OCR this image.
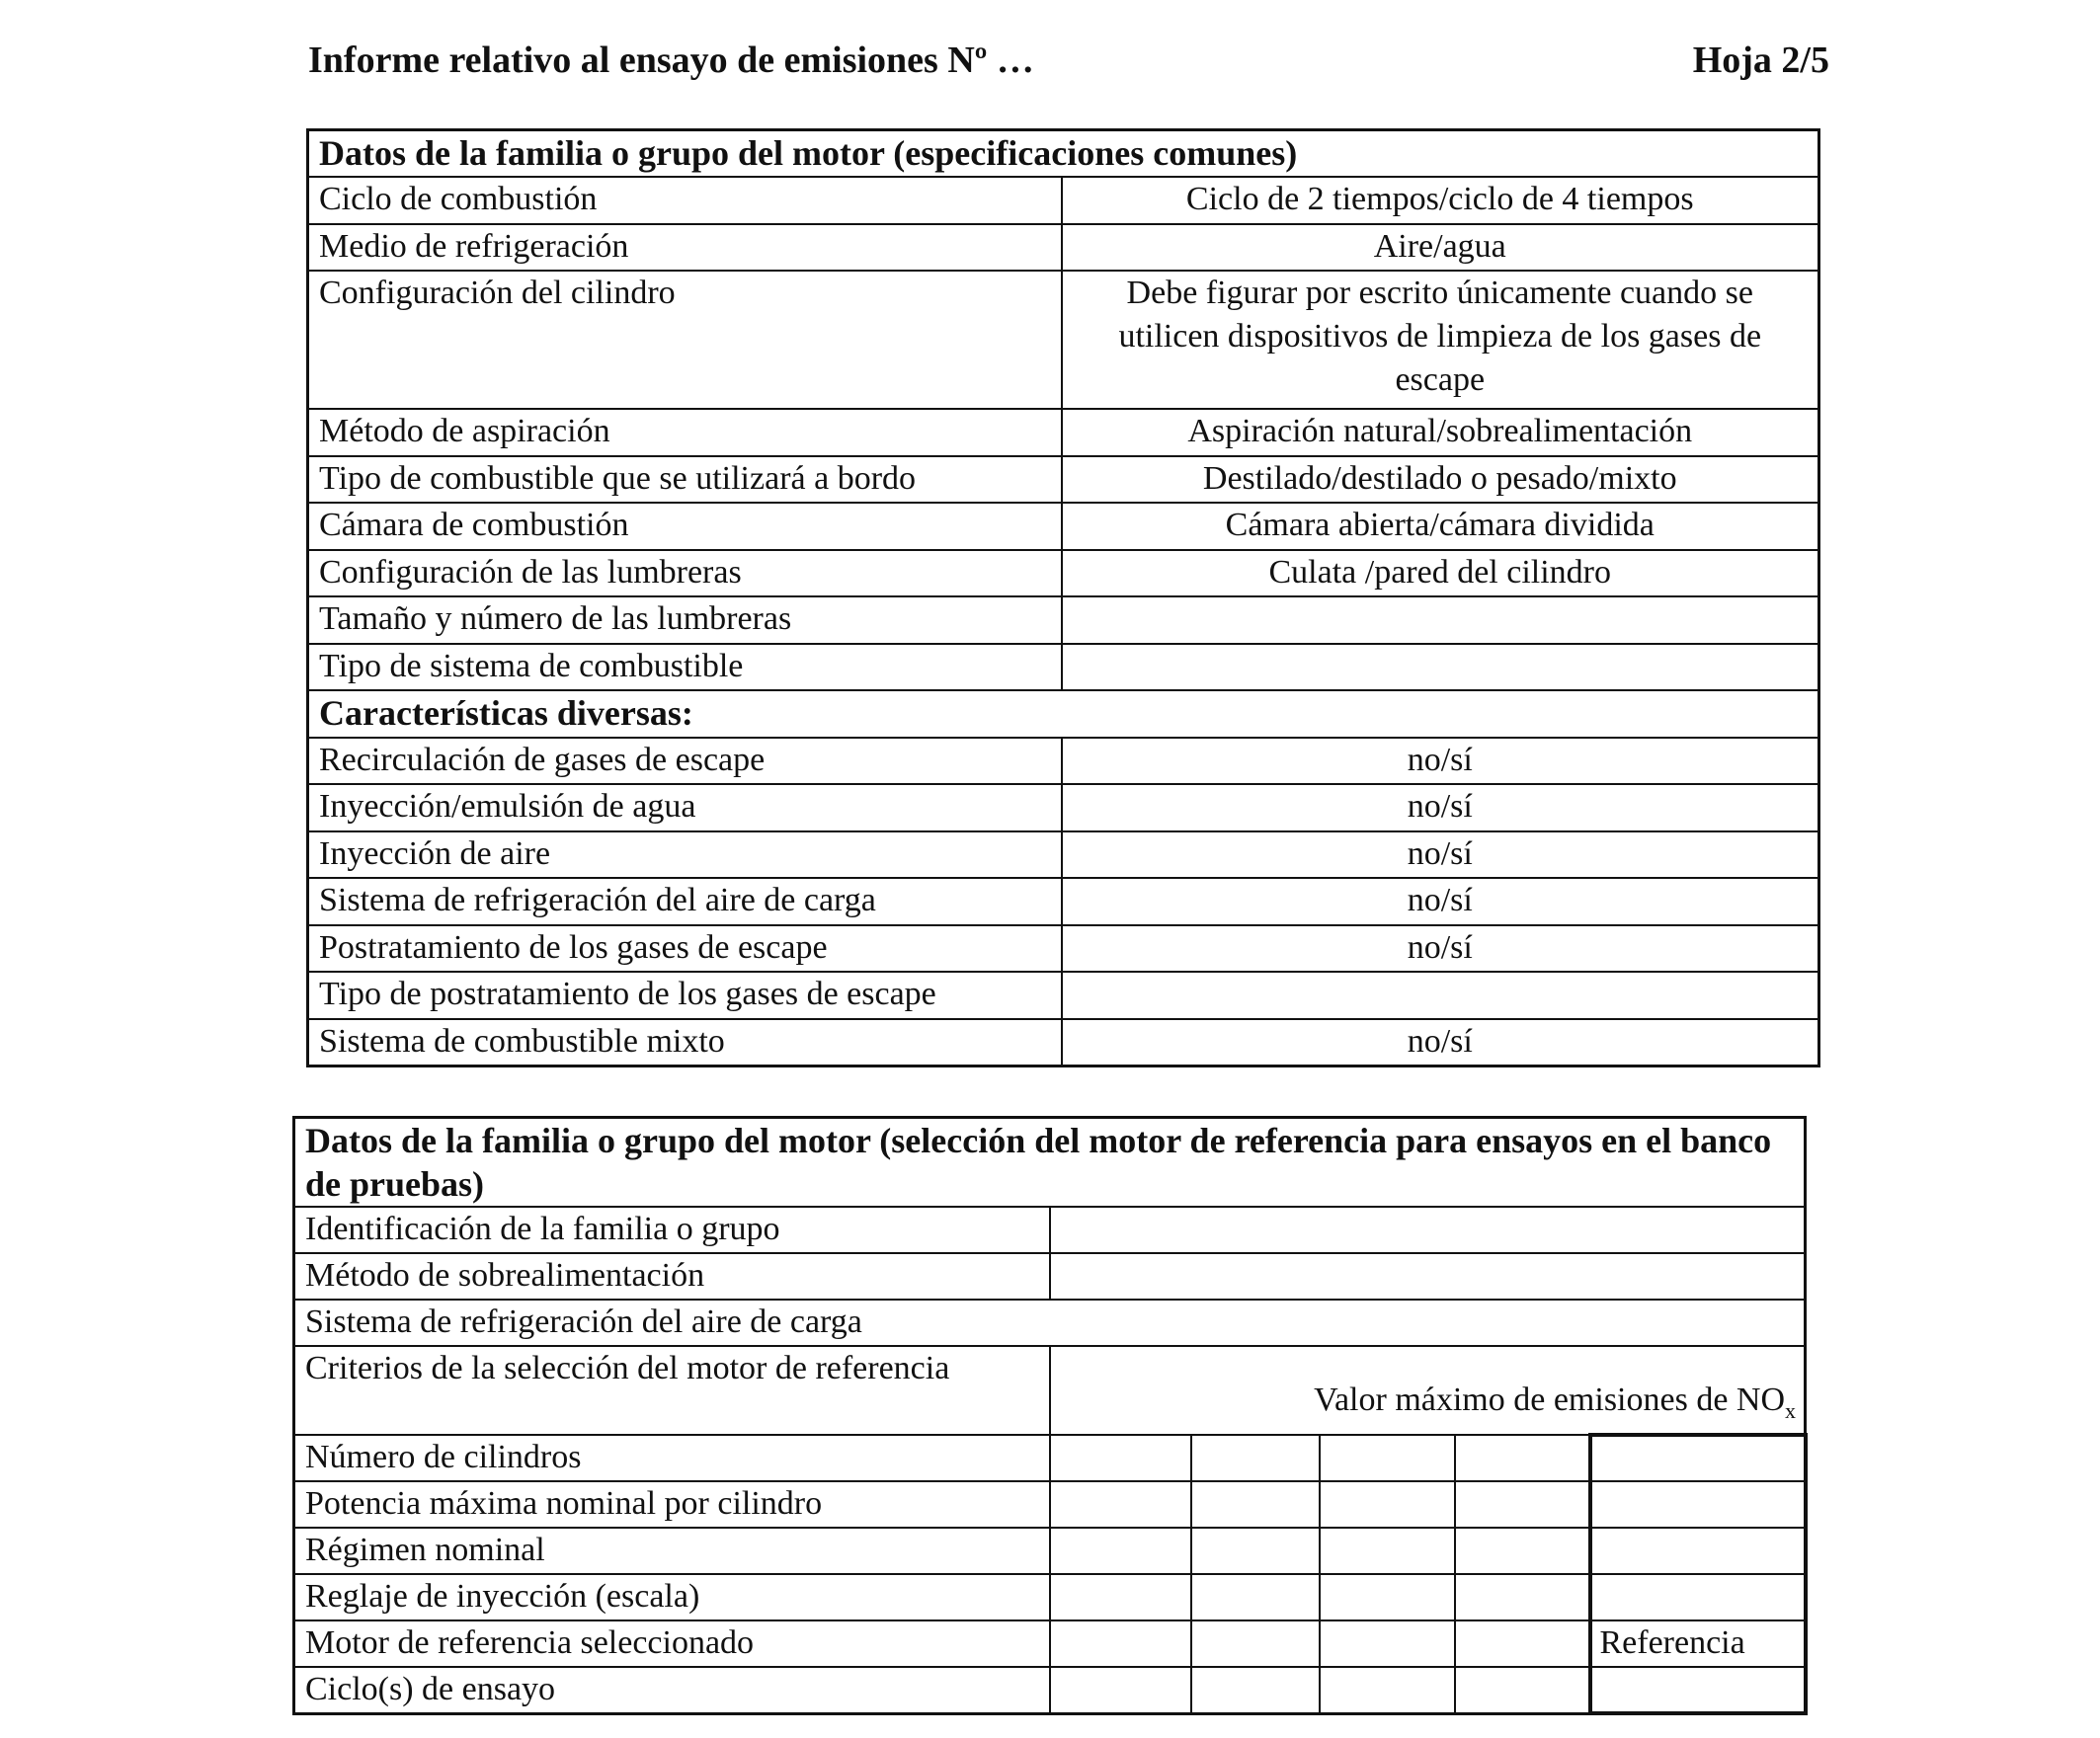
Informe relativo al ensayo de emisiones Nº …	Hoja 2/5
Datos de la familia o grupo del motor (especificaciones comunes)	
Ciclo de combustión	Ciclo de 2 tiempos/ciclo de 4 tiempos
Medio de refrigeración	Aire/agua
Configuración del cilindro	Debe figurar por escrito únicamente cuando se utilicen dispositivos de limpieza de los gases de escape
Método de aspiración	Aspiración natural/sobrealimentación
Tipo de combustible que se utilizará a bordo	Destilado/destilado o pesado/mixto
Cámara de combustión	Cámara abierta/cámara dividida
Configuración de las lumbreras	Culata /pared del cilindro
Tamaño y número de las lumbreras	
Tipo de sistema de combustible	
Características diversas:	
Recirculación de gases de escape	no/sí
Inyección/emulsión de agua	no/sí
Inyección de aire	no/sí
Sistema de refrigeración del aire de carga	no/sí
Postratamiento de los gases de escape	no/sí
Tipo de postratamiento de los gases de escape	
Sistema de combustible mixto	no/sí
Datos de la familia o grupo del motor (selección del motor de referencia para ensayos en el banco de pruebas)					
Identificación de la familia o grupo					
Método de sobrealimentación					
Sistema de refrigeración del aire de carga					
Criterios de la selección del motor de referencia	Valor máximo de emisiones de $NO_x$
Número de cilindros					
Potencia máxima nominal por cilindro					
Régimen nominal					
Reglaje de inyección (escala)					
Motor de referencia seleccionado					Referencia
Ciclo(s) de ensayo					
